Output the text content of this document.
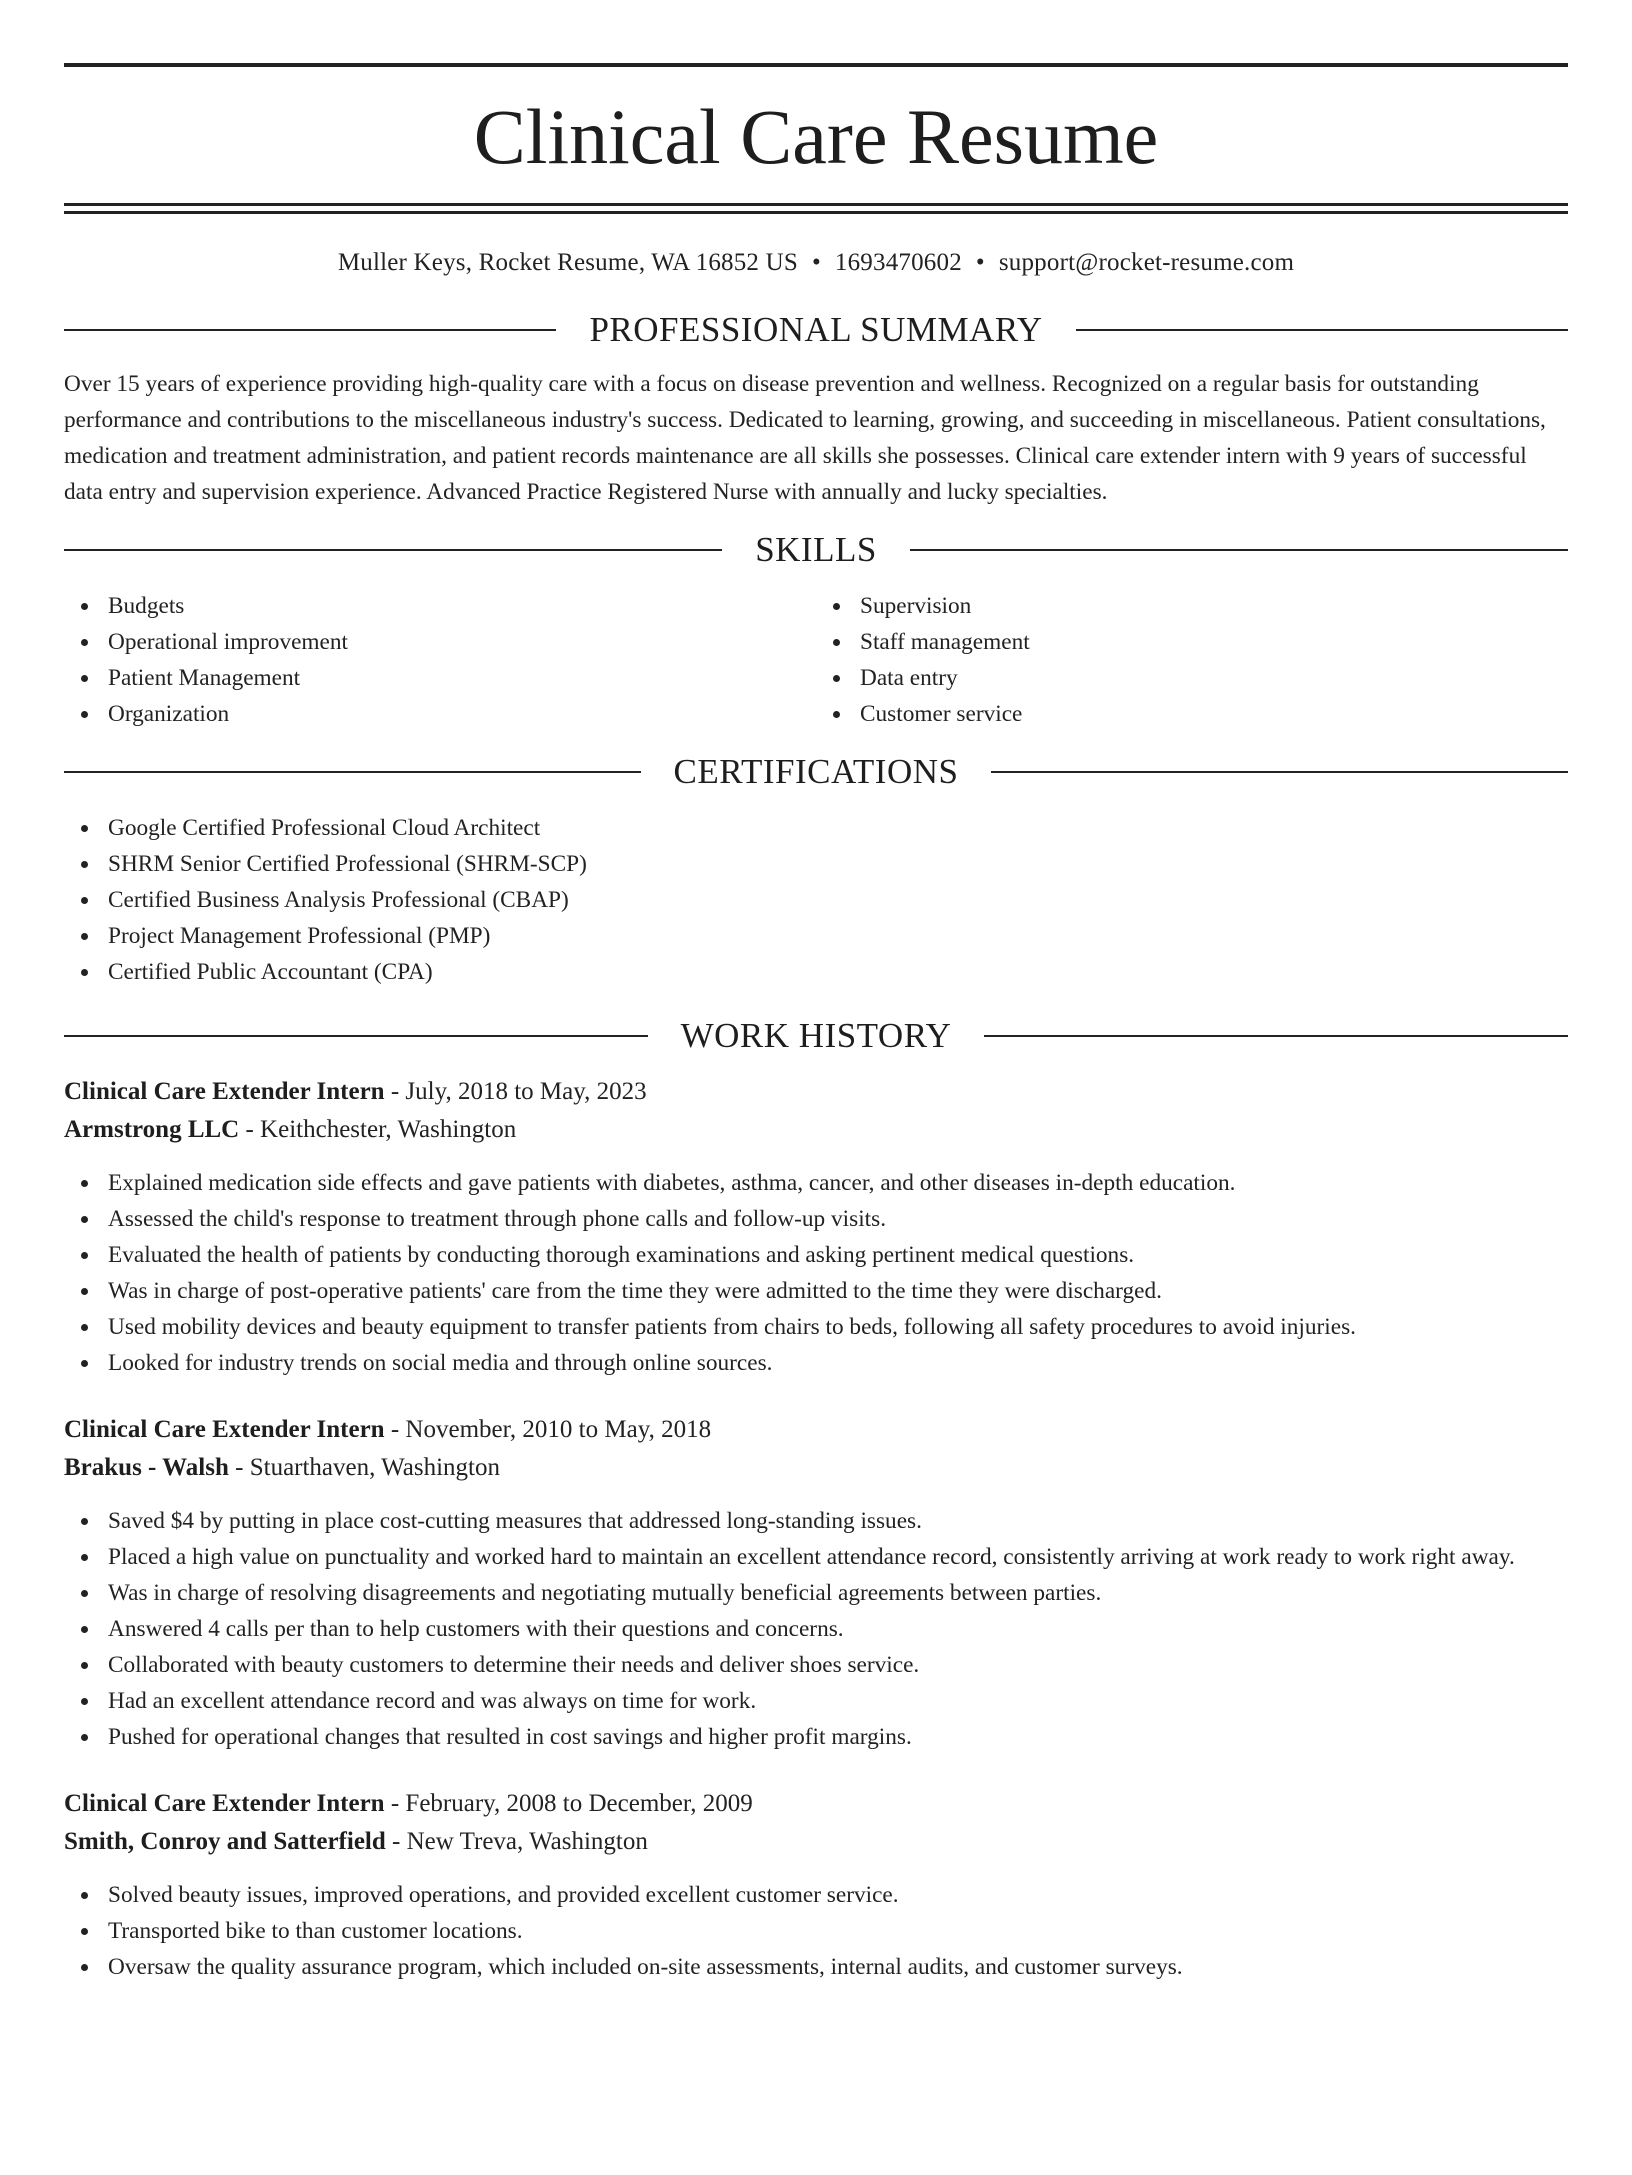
Clinical Care Resume
Muller Keys, Rocket Resume, WA 16852 US • 1693470602 • support@rocket-resume.com
PROFESSIONAL SUMMARY

Over 15 years of experience providing high-quality care with a focus on disease prevention and wellness. Recognized on a regular basis for outstanding performance and contributions to the miscellaneous industry's success. Dedicated to learning, growing, and succeeding in miscellaneous. Patient consultations, medication and treatment administration, and patient records maintenance are all skills she possesses. Clinical care extender intern with 9 years of successful data entry and supervision experience. Advanced Practice Registered Nurse with annually and lucky specialties.

SKILLS
Budgets
Operational improvement
Patient Management
Organization
Supervision
Staff management
Data entry
Customer service
CERTIFICATIONS
Google Certified Professional Cloud Architect
SHRM Senior Certified Professional (SHRM-SCP)
Certified Business Analysis Professional (CBAP)
Project Management Professional (PMP)
Certified Public Accountant (CPA)
WORK HISTORY
Clinical Care Extender Intern - July, 2018 to May, 2023
Armstrong LLC - Keithchester, Washington
Explained medication side effects and gave patients with diabetes, asthma, cancer, and other diseases in-depth education.
Assessed the child's response to treatment through phone calls and follow-up visits.
Evaluated the health of patients by conducting thorough examinations and asking pertinent medical questions.
Was in charge of post-operative patients' care from the time they were admitted to the time they were discharged.
Used mobility devices and beauty equipment to transfer patients from chairs to beds, following all safety procedures to avoid injuries.
Looked for industry trends on social media and through online sources.
Clinical Care Extender Intern - November, 2010 to May, 2018
Brakus - Walsh - Stuarthaven, Washington
Saved $4 by putting in place cost-cutting measures that addressed long-standing issues.
Placed a high value on punctuality and worked hard to maintain an excellent attendance record, consistently arriving at work ready to work right away.
Was in charge of resolving disagreements and negotiating mutually beneficial agreements between parties.
Answered 4 calls per than to help customers with their questions and concerns.
Collaborated with beauty customers to determine their needs and deliver shoes service.
Had an excellent attendance record and was always on time for work.
Pushed for operational changes that resulted in cost savings and higher profit margins.
Clinical Care Extender Intern - February, 2008 to December, 2009
Smith, Conroy and Satterfield - New Treva, Washington
Solved beauty issues, improved operations, and provided excellent customer service.
Transported bike to than customer locations.
Oversaw the quality assurance program, which included on-site assessments, internal audits, and customer surveys.
